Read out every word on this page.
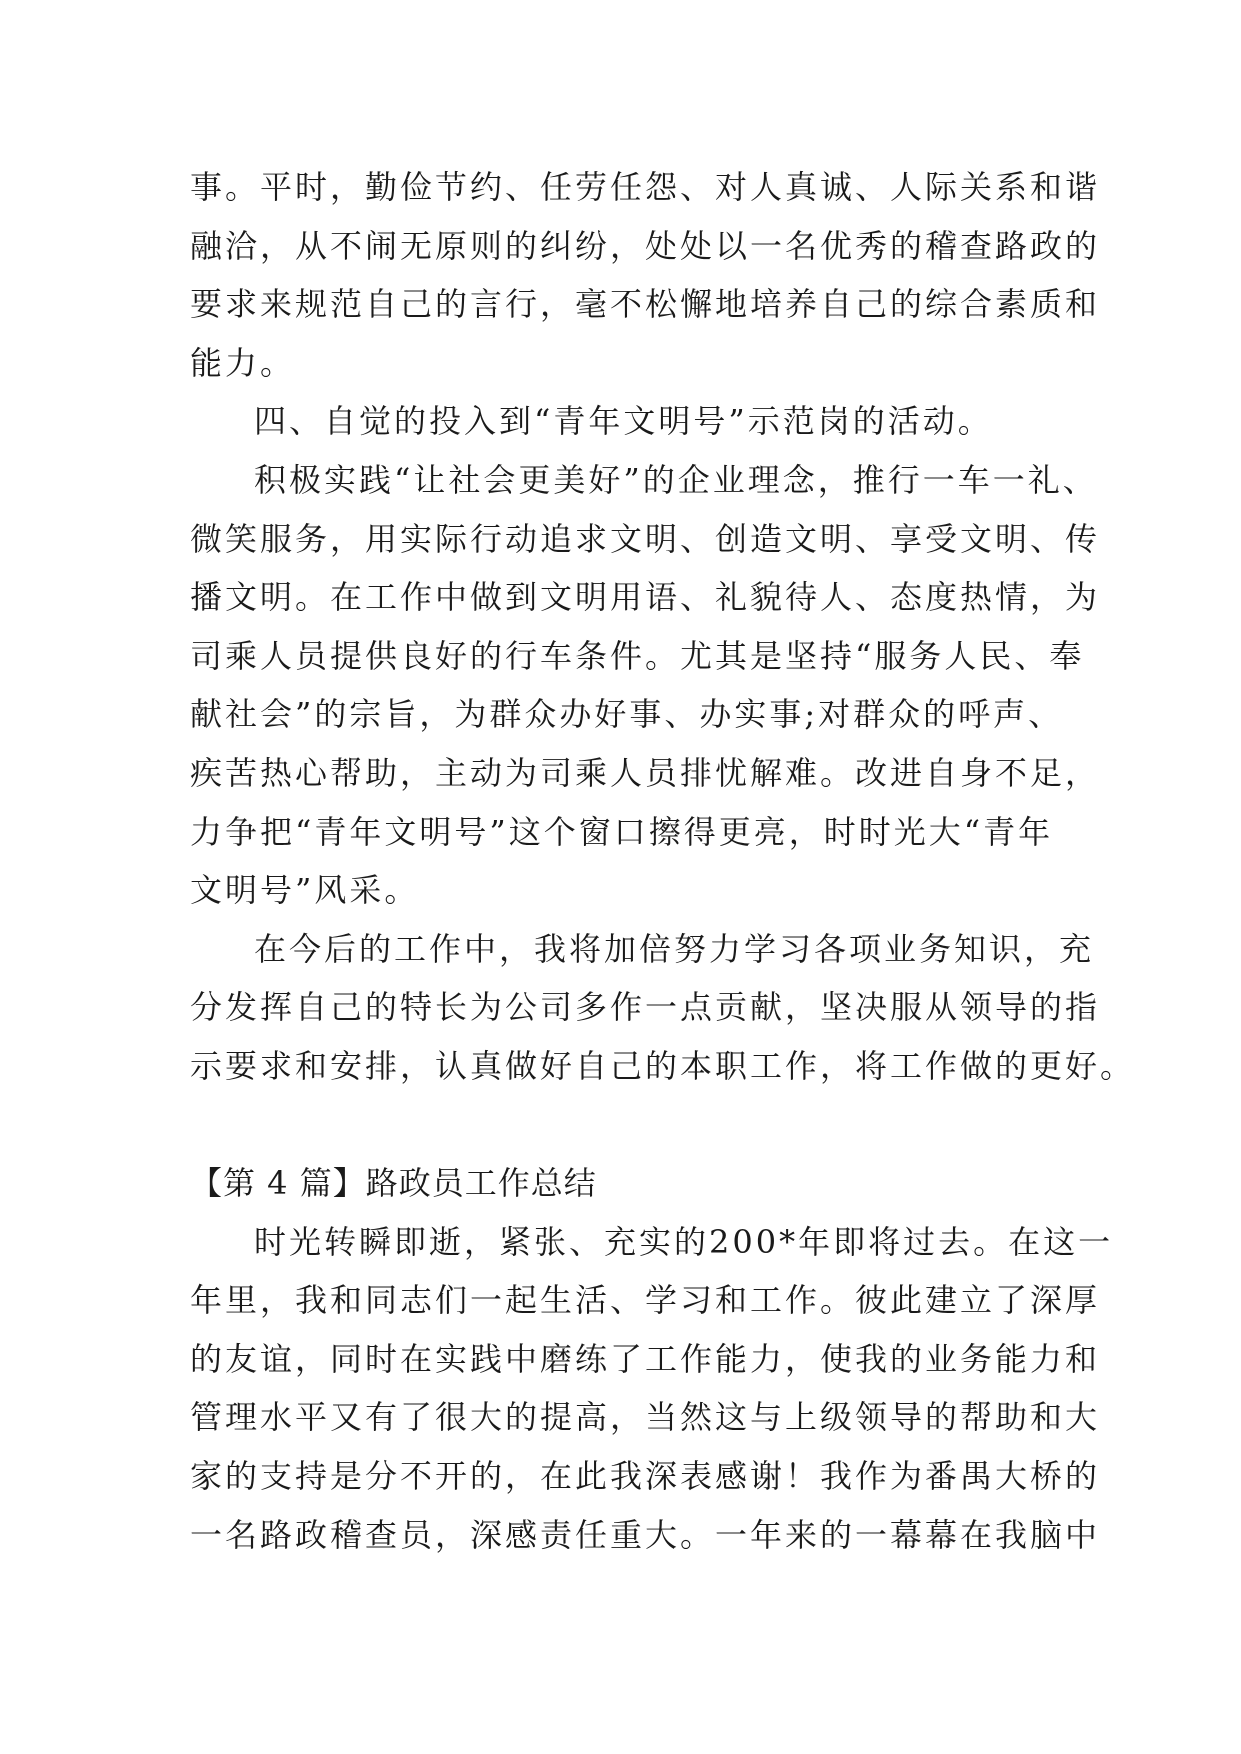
事。平时，勤俭节约、任劳任怨、对人真诚、人际关系和谐
融洽，从不闹无原则的纠纷，处处以一名优秀的稽查路政的
要求来规范自己的言行，毫不松懈地培养自己的综合素质和
能力。
四、自觉的投入到“青年文明号”示范岗的活动。
积极实践“让社会更美好”的企业理念，推行一车一礼、
微笑服务，用实际行动追求文明、创造文明、享受文明、传
播文明。在工作中做到文明用语、礼貌待人、态度热情，为
司乘人员提供良好的行车条件。尤其是坚持“服务人民、奉
献社会”的宗旨，为群众办好事、办实事;对群众的呼声、
疾苦热心帮助，主动为司乘人员排忧解难。改进自身不足，
力争把“青年文明号”这个窗口擦得更亮，时时光大“青年
文明号”风采。
在今后的工作中，我将加倍努力学习各项业务知识，充
分发挥自己的特长为公司多作一点贡献，坚决服从领导的指
示要求和安排，认真做好自己的本职工作，将工作做的更好。
【第 4 篇】路政员工作总结
时光转瞬即逝，紧张、充实的200*年即将过去。在这一
年里，我和同志们一起生活、学习和工作。彼此建立了深厚
的友谊，同时在实践中磨练了工作能力，使我的业务能力和
管理水平又有了很大的提高，当然这与上级领导的帮助和大
家的支持是分不开的，在此我深表感谢！我作为番禺大桥的
一名路政稽查员，深感责任重大。一年来的一幕幕在我脑中
